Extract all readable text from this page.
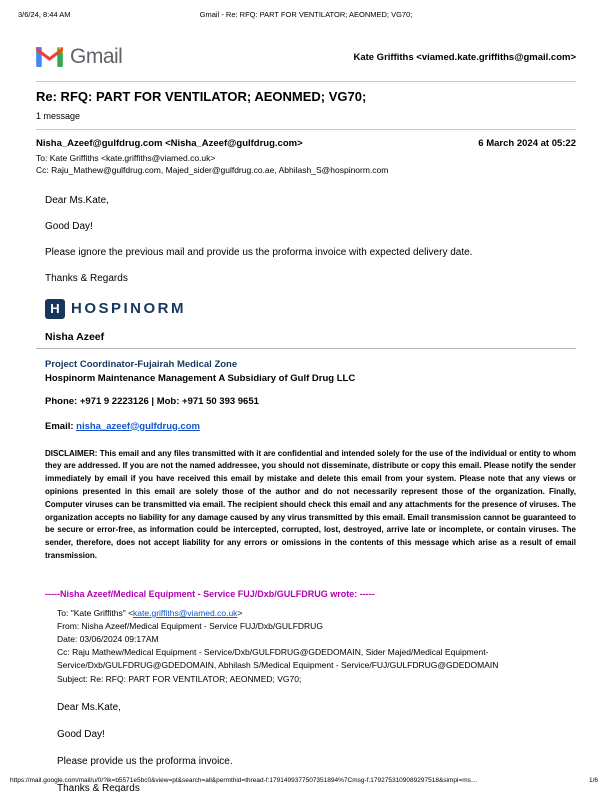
3/6/24, 8:44 AM	Gmail - Re: RFQ: PART FOR VENTILATOR; AEONMED; VG70;
Gmail	Kate Griffiths <viamed.kate.griffiths@gmail.com>
Re: RFQ: PART FOR VENTILATOR; AEONMED; VG70;
1 message
Nisha_Azeef@gulfdrug.com <Nisha_Azeef@gulfdrug.com>	6 March 2024 at 05:22
To: Kate Griffiths <kate.griffiths@viamed.co.uk>
Cc: Raju_Mathew@gulfdrug.com, Majed_sider@gulfdrug.co.ae, Abhilash_S@hospinorm.com

Dear Ms.Kate,

Good Day!

Please ignore the previous mail and provide us the proforma invoice with expected delivery date.

Thanks & Regards

H HOSPINORM
Nisha Azeef
Project Coordinator-Fujairah Medical Zone
Hospinorm Maintenance Management A Subsidiary of Gulf Drug LLC
Phone: +971 9 2223126 | Mob: +971 50 393 9651
Email: nisha_azeef@gulfdrug.com
DISCLAIMER: This email and any files transmitted with it are confidential and intended solely for the use of the individual or entity to whom they are addressed. If you are not the named addressee, you should not disseminate, distribute or copy this email. Please notify the sender immediately by email if you have received this email by mistake and delete this email from your system. Please note that any views or opinions presented in this email are solely those of the author and do not necessarily represent those of the organization. Finally, Computer viruses can be transmitted via email. The recipient should check this email and any attachments for the presence of viruses. The organization accepts no liability for any damage caused by any virus transmitted by this email. Email transmission cannot be guaranteed to be secure or error-free, as information could be intercepted, corrupted, lost, destroyed, arrive late or incomplete, or contain viruses. The sender, therefore, does not accept liability for any errors or omissions in the contents of this message which arise as a result of email transmission.
-----Nisha Azeef/Medical Equipment - Service FUJ/Dxb/GULFDRUG wrote: -----
To: "Kate Griffiths" <kate.griffiths@viamed.co.uk>
From: Nisha Azeef/Medical Equipment - Service FUJ/Dxb/GULFDRUG
Date: 03/06/2024 09:17AM
Cc: Raju Mathew/Medical Equipment - Service/Dxb/GULFDRUG@GDEDOMAIN, Sider Majed/Medical Equipment-Service/Dxb/GULFDRUG@GDEDOMAIN, Abhilash S/Medical Equipment - Service/FUJ/GULFDRUG@GDEDOMAIN
Subject: Re: RFQ: PART FOR VENTILATOR; AEONMED; VG70;

Dear Ms.Kate,

Good Day!

Please provide us the proforma invoice.

Thanks & Regards

https://mail.google.com/mail/u/0/?ik=b5571e5bc0&view=pt&search=all&permthid=thread-f:1791499377507351894%7Cmsg-f:1792753109089297518&simpl=ms…	1/6
